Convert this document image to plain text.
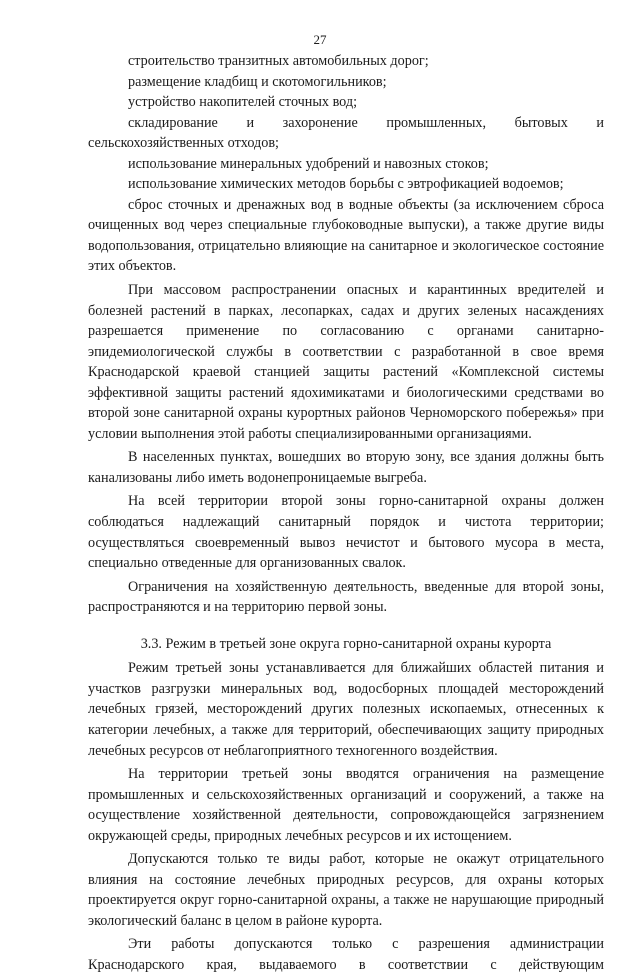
27

строительство транзитных автомобильных дорог;

размещение кладбищ и скотомогильников;

устройство накопителей сточных вод;

складирование и захоронение промышленных, бытовых и сельскохозяйственных отходов;

использование минеральных удобрений и навозных стоков;

использование химических методов борьбы с эвтрофикацией водоемов;

сброс сточных и дренажных вод в водные объекты (за исключением сброса очищенных вод через специальные глубоководные выпуски), а также другие виды водопользования, отрицательно влияющие на санитарное и экологическое состояние этих объектов.

При массовом распространении опасных и карантинных вредителей и болезней растений в парках, лесопарках, садах и других зеленых насаждениях разрешается применение по согласованию с органами санитарно-эпидемиологической службы в соответствии с разработанной в свое время Краснодарской краевой станцией защиты растений «Комплексной системы эффективной защиты растений ядохимикатами и биологическими средствами во второй зоне санитарной охраны курортных районов Черноморского побережья» при условии выполнения этой работы специализированными организациями.

В населенных пунктах, вошедших во вторую зону, все здания должны быть канализованы либо иметь водонепроницаемые выгреба.

На всей территории второй зоны горно-санитарной охраны должен соблюдаться надлежащий санитарный порядок и чистота территории; осуществляться своевременный вывоз нечистот и бытового мусора в места, специально отведенные для организованных свалок.

Ограничения на хозяйственную деятельность, введенные для второй зоны, распространяются и на территорию первой зоны.

3.3. Режим в третьей зоне округа горно-санитарной охраны курорта

Режим третьей зоны устанавливается для ближайших областей питания и участков разгрузки минеральных вод, водосборных площадей месторождений лечебных грязей, месторождений других полезных ископаемых, отнесенных к категории лечебных, а также для территорий, обеспечивающих защиту природных лечебных ресурсов от неблагоприятного техногенного воздействия.

На территории третьей зоны вводятся ограничения на размещение промышленных и сельскохозяйственных организаций и сооружений, а также на осуществление хозяйственной деятельности, сопровождающейся загрязнением окружающей среды, природных лечебных ресурсов и их истощением.

Допускаются только те виды работ, которые не окажут отрицательного влияния на состояние лечебных природных ресурсов, для охраны которых проектируется округ горно-санитарной охраны, а также не нарушающие природный экологический баланс в целом в районе курорта.

Эти работы допускаются только с разрешения администрации Краснодарского края, выдаваемого в соответствии с действующим
